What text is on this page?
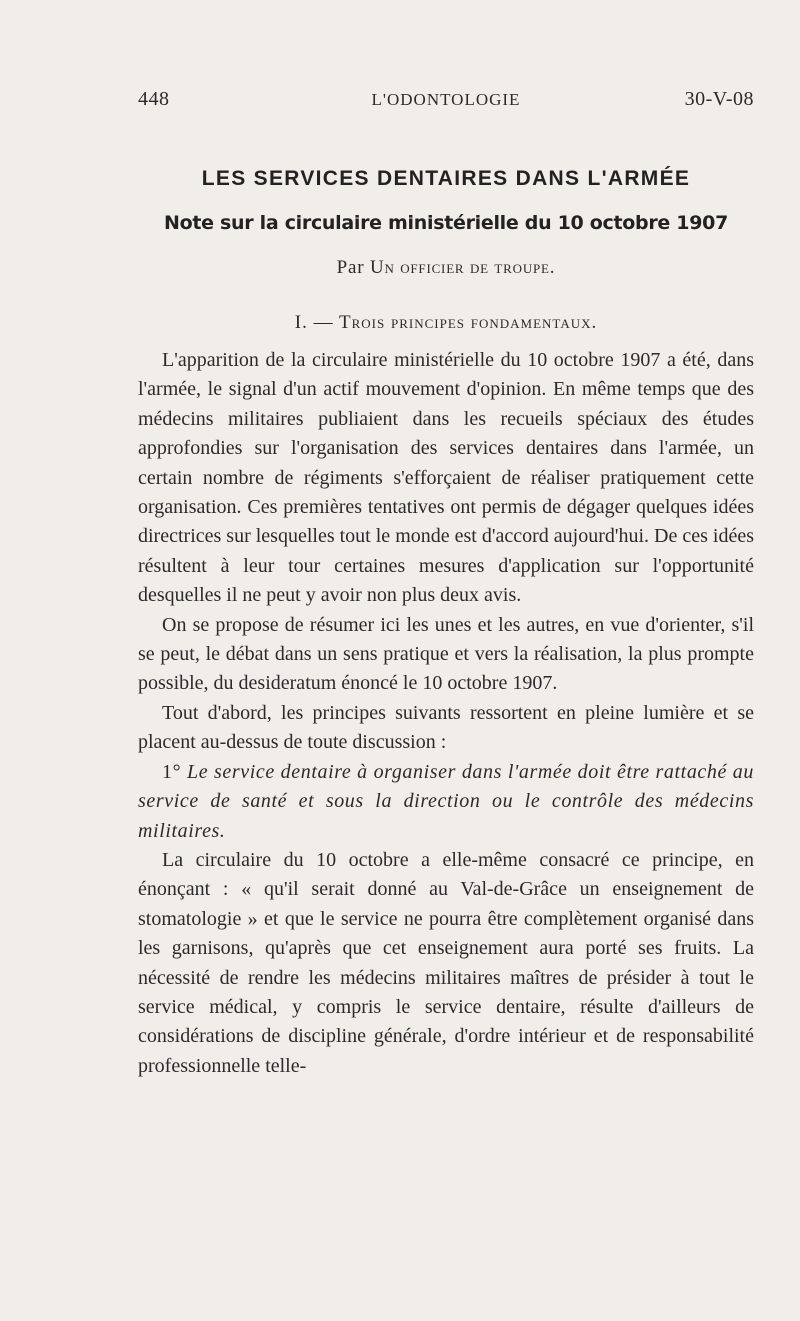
448	L'ODONTOLOGIE	30-V-08
LES SERVICES DENTAIRES DANS L'ARMÉE
Note sur la circulaire ministérielle du 10 octobre 1907
Par Un officier de troupe.
I. — Trois principes fondamentaux.

L'apparition de la circulaire ministérielle du 10 octobre 1907 a été, dans l'armée, le signal d'un actif mouvement d'opinion. En même temps que des médecins militaires publiaient dans les recueils spéciaux des études approfondies sur l'organisation des services dentaires dans l'armée, un certain nombre de régiments s'efforçaient de réaliser pratiquement cette organisation. Ces premières tentatives ont permis de dégager quelques idées directrices sur lesquelles tout le monde est d'accord aujourd'hui. De ces idées résultent à leur tour certaines mesures d'application sur l'opportunité desquelles il ne peut y avoir non plus deux avis.

On se propose de résumer ici les unes et les autres, en vue d'orienter, s'il se peut, le débat dans un sens pratique et vers la réalisation, la plus prompte possible, du desideratum énoncé le 10 octobre 1907.

Tout d'abord, les principes suivants ressortent en pleine lumière et se placent au-dessus de toute discussion :

1° Le service dentaire à organiser dans l'armée doit être rattaché au service de santé et sous la direction ou le contrôle des médecins militaires.

La circulaire du 10 octobre a elle-même consacré ce principe, en énonçant : « qu'il serait donné au Val-de-Grâce un enseignement de stomatologie » et que le service ne pourra être complètement organisé dans les garnisons, qu'après que cet enseignement aura porté ses fruits. La nécessité de rendre les médecins militaires maîtres de présider à tout le service médical, y compris le service dentaire, résulte d'ailleurs de considérations de discipline générale, d'ordre intérieur et de responsabilité professionnelle telle-
